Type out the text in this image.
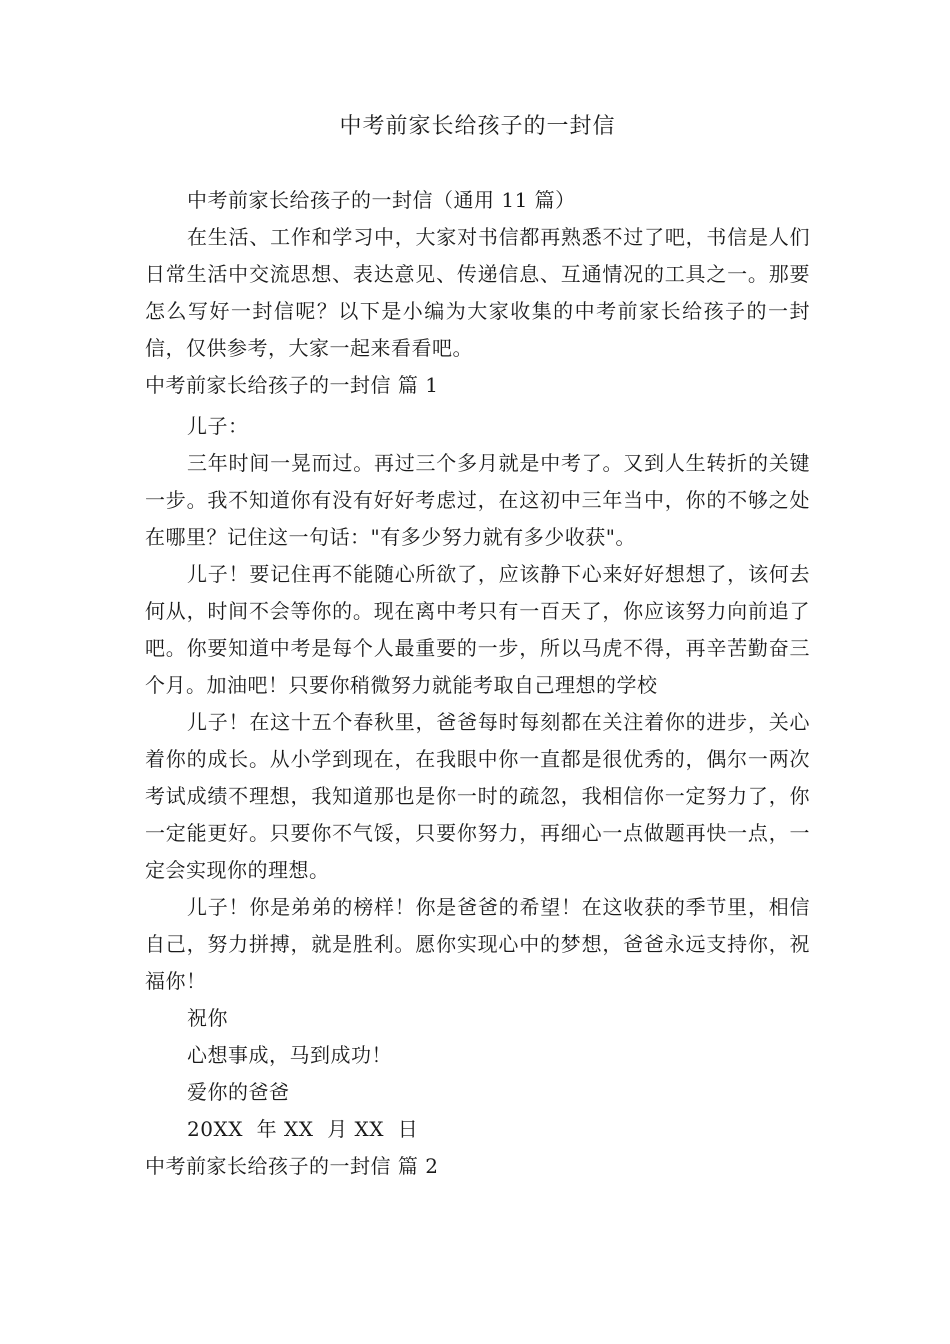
中考前家长给孩子的一封信

中考前家长给孩子的一封信（通用 11 篇）

在生活、工作和学习中，大家对书信都再熟悉不过了吧，书信是人们日常生活中交流思想、表达意见、传递信息、互通情况的工具之一。那要怎么写好一封信呢？以下是小编为大家收集的中考前家长给孩子的一封信，仅供参考，大家一起来看看吧。

中考前家长给孩子的一封信 篇 1

儿子：

三年时间一晃而过。再过三个多月就是中考了。又到人生转折的关键一步。我不知道你有没有好好考虑过，在这初中三年当中，你的不够之处在哪里？记住这一句话："有多少努力就有多少收获"。

儿子！要记住再不能随心所欲了，应该静下心来好好想想了，该何去何从，时间不会等你的。现在离中考只有一百天了，你应该努力向前追了吧。你要知道中考是每个人最重要的一步，所以马虎不得，再辛苦勤奋三个月。加油吧！只要你稍微努力就能考取自己理想的学校

儿子！在这十五个春秋里，爸爸每时每刻都在关注着你的进步，关心着你的成长。从小学到现在，在我眼中你一直都是很优秀的，偶尔一两次考试成绩不理想，我知道那也是你一时的疏忽，我相信你一定努力了，你一定能更好。只要你不气馁，只要你努力，再细心一点做题再快一点，一定会实现你的理想。

儿子！你是弟弟的榜样！你是爸爸的希望！在这收获的季节里，相信自己，努力拼搏，就是胜利。愿你实现心中的梦想，爸爸永远支持你，祝福你！

祝你

心想事成，马到成功！

爱你的爸爸

20XX  年 XX  月 XX  日

中考前家长给孩子的一封信 篇 2
